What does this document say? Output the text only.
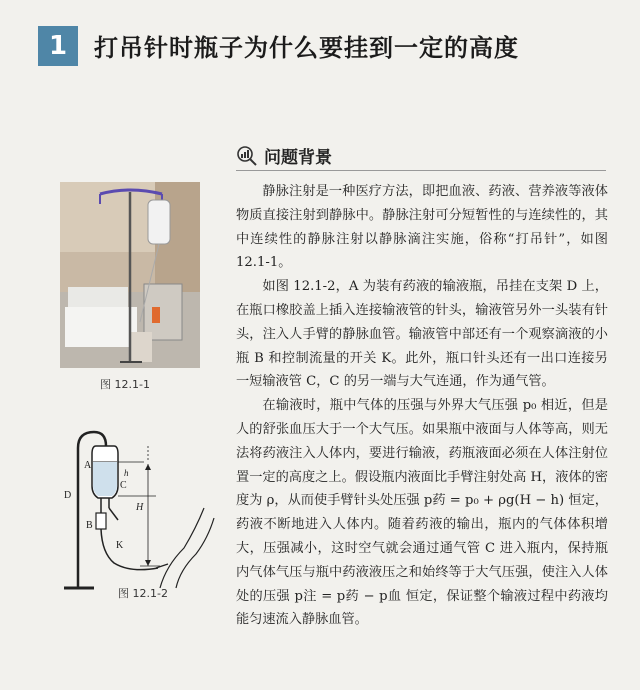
1	打吊针时瓶子为什么要挂到一定的高度
问题背景

静脉注射是一种医疗方法，即把血液、药液、营养液等液体物质直接注射到静脉中。静脉注射可分短暂性的与连续性的，其中连续性的静脉注射以静脉滴注实施，俗称“打吊针”，如图 12.1-1。

如图 12.1-2，A 为装有药液的输液瓶，吊挂在支架 D 上，在瓶口橡胶盖上插入连接输液管的针头，输液管另外一头装有针头，注入人手臂的静脉血管。输液管中部还有一个观察滴液的小瓶 B 和控制流量的开关 K。此外，瓶口针头还有一出口连接另一短输液管 C，C 的另一端与大气连通，作为通气管。

在输液时，瓶中气体的压强与外界大气压强 p₀ 相近，但是人的舒张血压大于一个大气压。如果瓶中液面与人体等高，则无法将药液注入人体内，要进行输液，药瓶液面必须在人体注射位置一定的高度之上。假设瓶内液面比手臂注射处高 H，液体的密度为 ρ，从而使手臂针头处压强 p药 = p₀ + ρg(H − h) 恒定，药液不断地进入人体内。随着药液的输出，瓶内的气体体积增大，压强减小，这时空气就会通过通气管 C 进入瓶内，保持瓶内气体气压与瓶中药液液压之和始终等于大气压强，使注入人体处的压强 p注 = p药 − p血 恒定，保证整个输液过程中药液均能匀速流入静脉血管。

图 12.1-1
A
C
h
D
B
H
K
图 12.1-2
